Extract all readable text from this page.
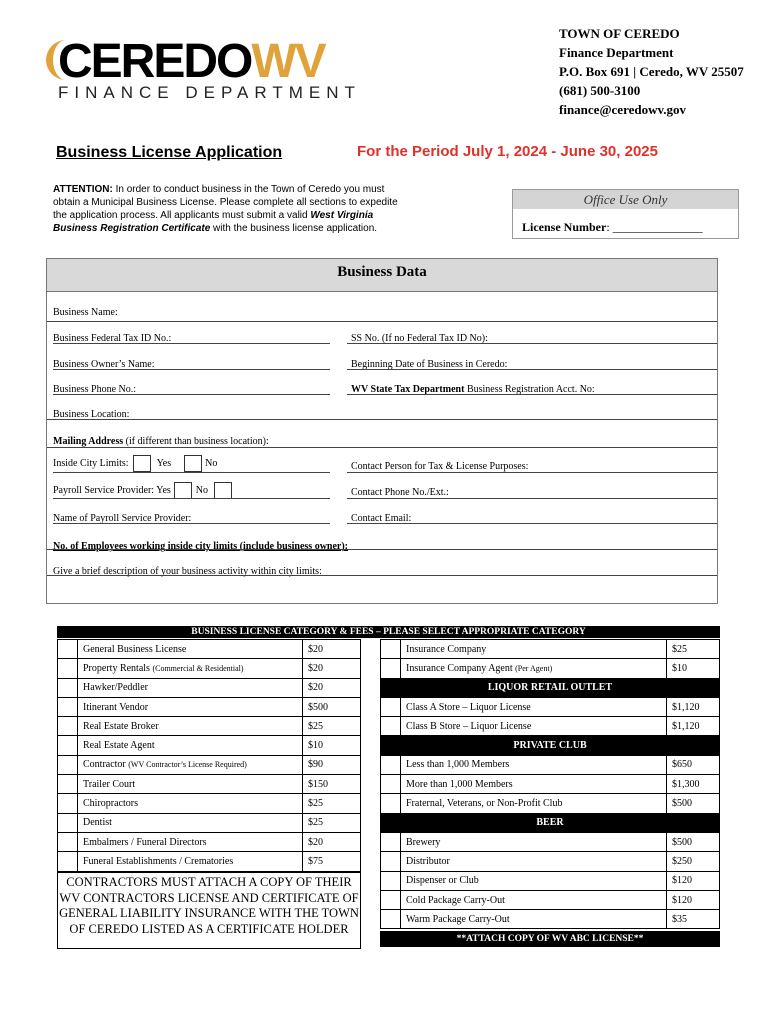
CEREDOWV
FINANCE DEPARTMENT
TOWN OF CEREDO
Finance Department
P.O. Box 691 | Ceredo, WV 25507
(681) 500-3100
finance@ceredowv.gov
Business License Application	For the Period July 1, 2024 - June 30, 2025
ATTENTION: In order to conduct business in the Town of Ceredo you must obtain a Municipal Business License. Please complete all sections to expedite the application process. All applicants must submit a valid West Virginia Business Registration Certificate with the business license application.
Office Use Only
License Number: _______________
Business Data
Business Name:
Business Federal Tax ID No.:	SS No. (If no Federal Tax ID No):
Business Owner’s Name:	Beginning Date of Business in Ceredo:
Business Phone No.:	WV State Tax Department Business Registration Acct. No:
Business Location:
Mailing Address (if different than business location):
Inside City Limits:	Yes	No	Contact Person for Tax & License Purposes:
Payroll Service Provider: Yes	No	Contact Phone No./Ext.:
Name of Payroll Service Provider:	Contact Email:
No. of Employees working inside city limits (include business owner):
Give a brief description of your business activity within city limits:
BUSINESS LICENSE CATEGORY & FEES – PLEASE SELECT APPROPRIATE CATEGORY
	General Business License	$20
	Property Rentals (Commercial & Residential)	$20
	Hawker/Peddler	$20
	Itinerant Vendor	$500
	Real Estate Broker	$25
	Real Estate Agent	$10
	Contractor (WV Contractor’s License Required)	$90
	Trailer Court	$150
	Chiropractors	$25
	Dentist	$25
	Embalmers / Funeral Directors	$20
	Funeral Establishments / Crematories	$75
	Insurance Company	$25
	Insurance Company Agent (Per Agent)	$10
LIQUOR RETAIL OUTLET		
	Class A Store – Liquor License	$1,120
	Class B Store – Liquor License	$1,120
PRIVATE CLUB		
	Less than 1,000 Members	$650
	More than 1,000 Members	$1,300
	Fraternal, Veterans, or Non-Profit Club	$500
BEER		
	Brewery	$500
	Distributor	$250
	Dispenser or Club	$120
	Cold Package Carry-Out	$120
	Warm Package Carry-Out	$35
CONTRACTORS MUST ATTACH A COPY OF THEIR WV CONTRACTORS LICENSE AND CERTIFICATE OF GENERAL LIABILITY INSURANCE WITH THE TOWN OF CEREDO LISTED AS A CERTIFICATE HOLDER
**ATTACH COPY OF WV ABC LICENSE**
